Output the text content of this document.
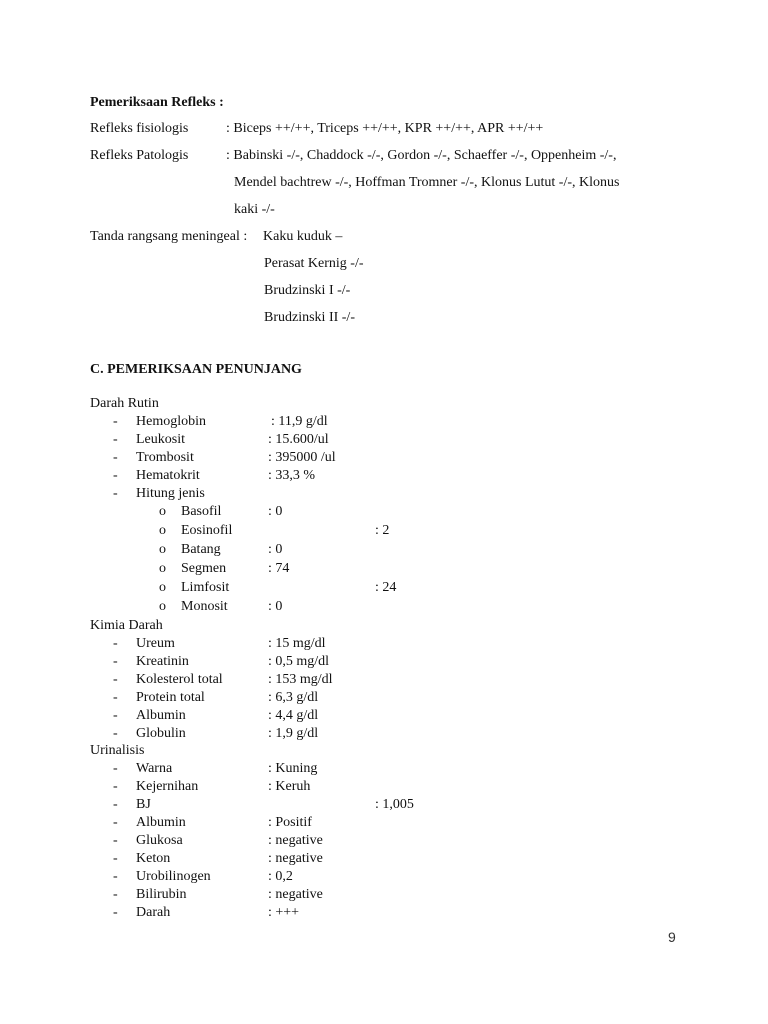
Pemeriksaan Refleks :
Refleks fisiologis	: Biceps ++/++, Triceps ++/++, KPR ++/++, APR ++/++
Refleks Patologis	: Babinski -/-, Chaddock -/-, Gordon -/-, Schaeffer -/-, Oppenheim -/-,
Mendel bachtrew -/-, Hoffman Tromner -/-, Klonus Lutut -/-, Klonus
kaki -/-
Tanda rangsang meningeal : Kaku kuduk –
Perasat Kernig -/-
Brudzinski I -/-
Brudzinski II -/-
C. PEMERIKSAAN PENUNJANG
Darah Rutin
- Hemoglobin	: 11,9 g/dl
- Leukosit	: 15.600/ul
- Trombosit	: 395000 /ul
- Hematokrit	: 33,3 %
- Hitung jenis
o Basofil	: 0
o Eosinofil	: 2
o Batang	: 0
o Segmen	: 74
o Limfosit	: 24
o Monosit	: 0
Kimia Darah
- Ureum	: 15 mg/dl
- Kreatinin	: 0,5 mg/dl
- Kolesterol total	: 153 mg/dl
- Protein total	: 6,3 g/dl
- Albumin	: 4,4 g/dl
- Globulin	: 1,9 g/dl
Urinalisis
- Warna	: Kuning
- Kejernihan	: Keruh
- BJ	: 1,005
- Albumin	: Positif
- Glukosa	: negative
- Keton	: negative
- Urobilinogen	: 0,2
- Bilirubin	: negative
- Darah	: +++
9
